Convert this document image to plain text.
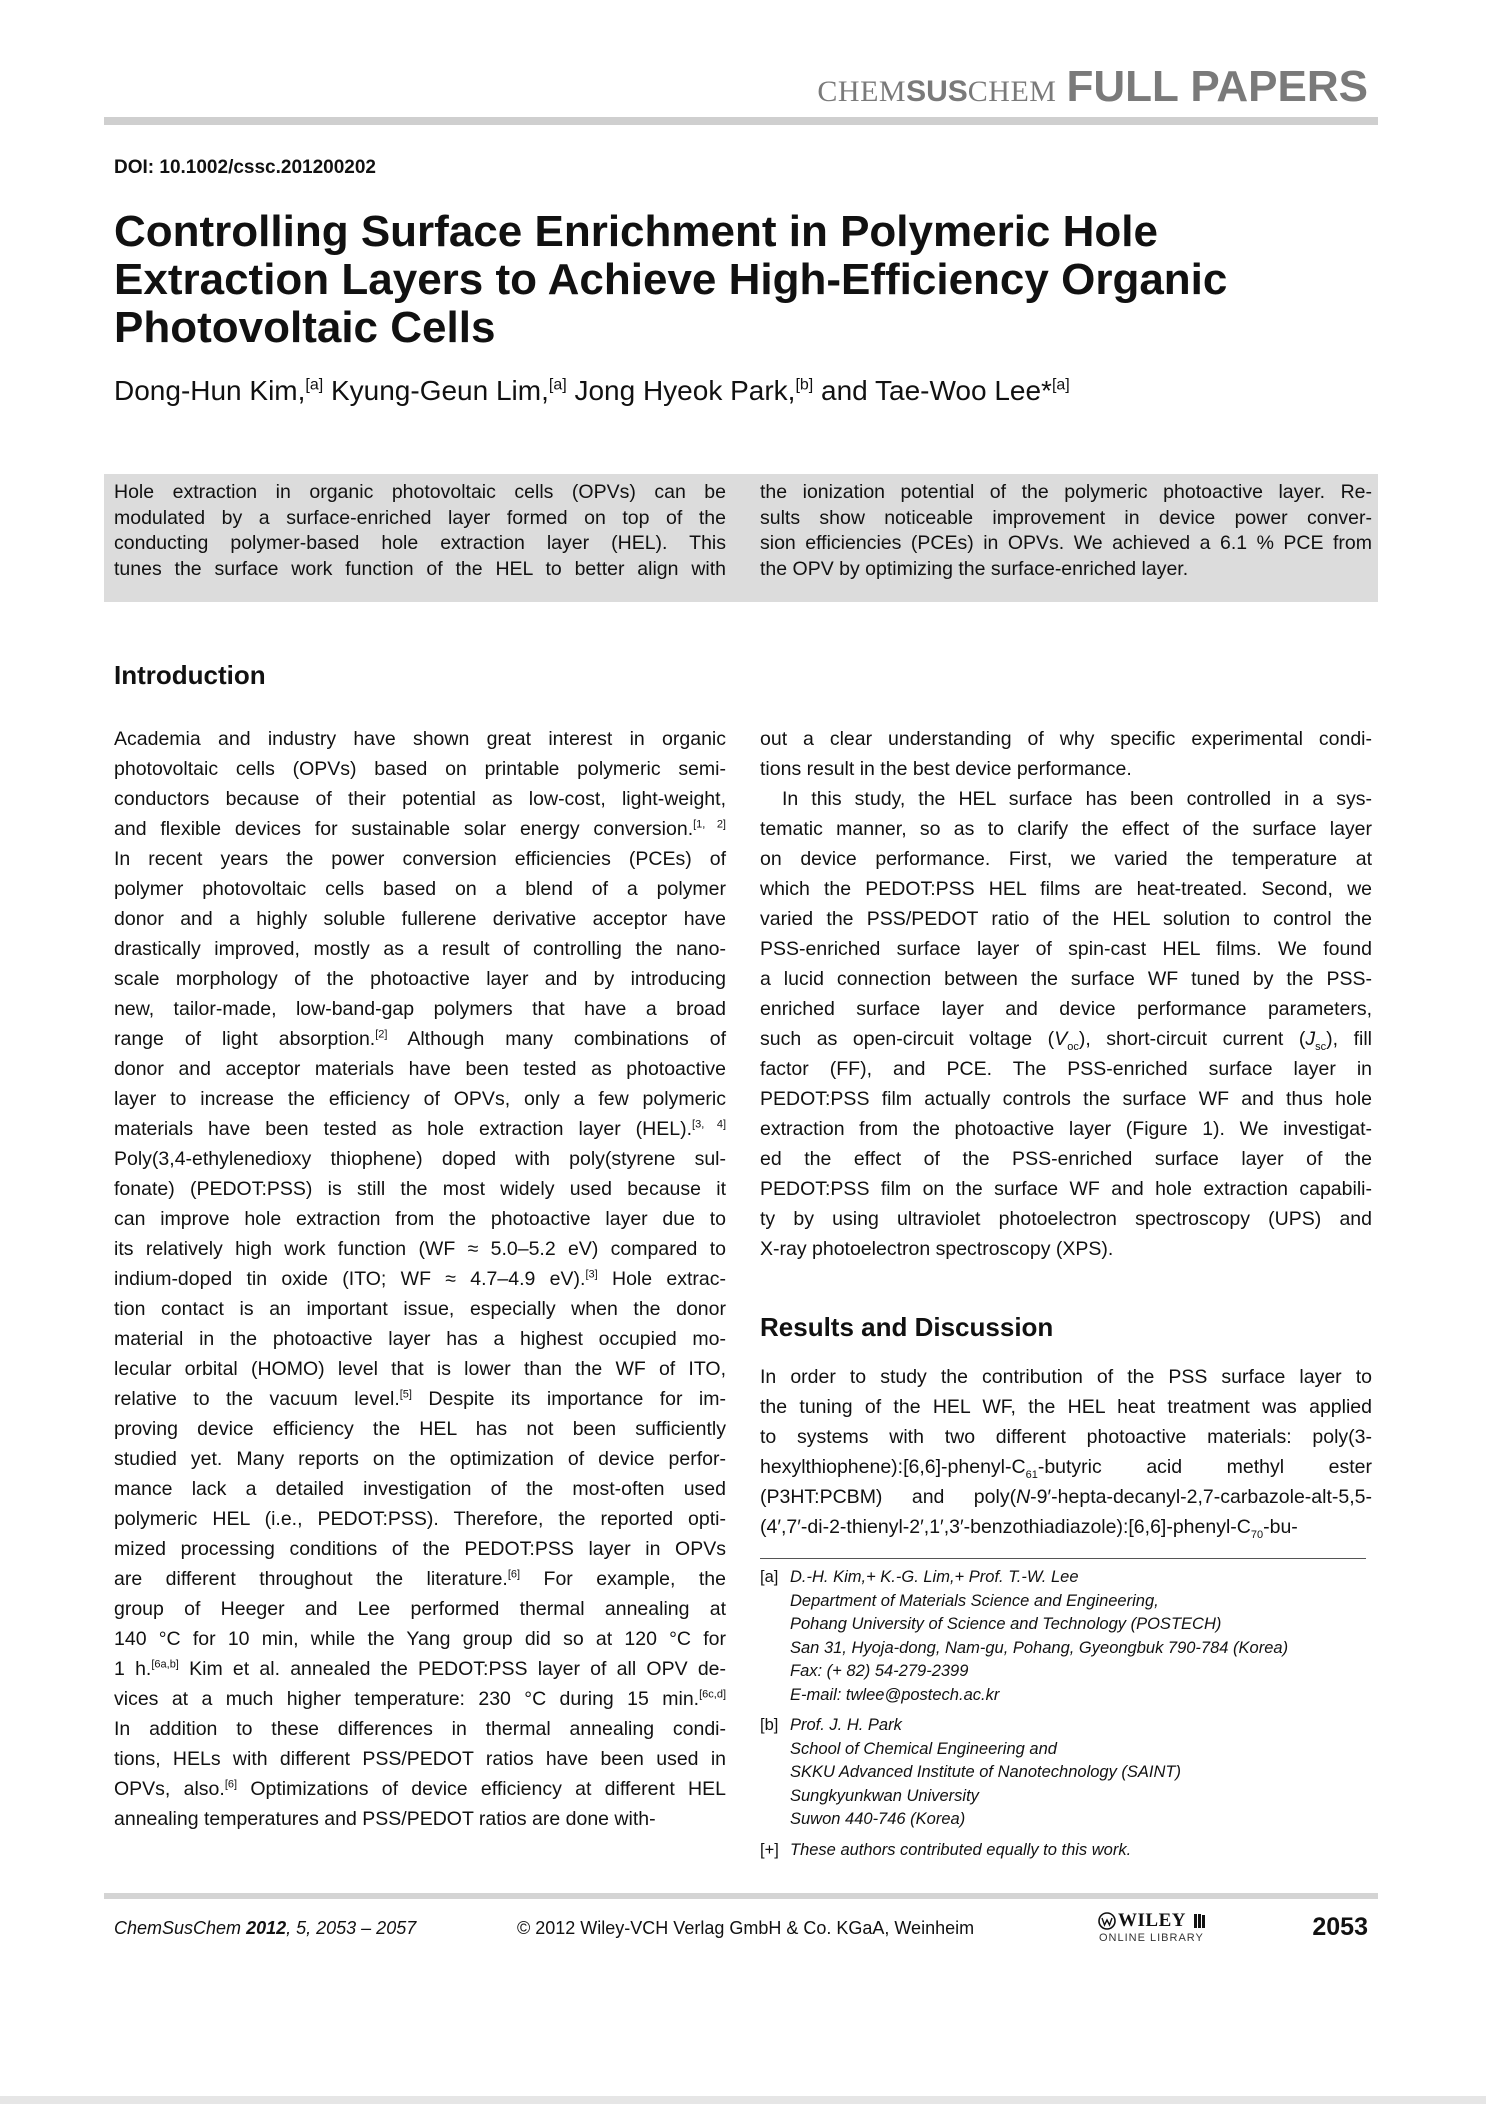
CHEMSUSCHEM FULL PAPERS
DOI: 10.1002/cssc.201200202
Controlling Surface Enrichment in Polymeric Hole Extraction Layers to Achieve High-Efficiency Organic Photovoltaic Cells
Dong-Hun Kim,[a] Kyung-Geun Lim,[a] Jong Hyeok Park,[b] and Tae-Woo Lee*[a]
Hole extraction in organic photovoltaic cells (OPVs) can be
modulated by a surface-enriched layer formed on top of the
conducting polymer-based hole extraction layer (HEL). This
tunes the surface work function of the HEL to better align with
the ionization potential of the polymeric photoactive layer. Re-
sults show noticeable improvement in device power conver-
sion efficiencies (PCEs) in OPVs. We achieved a 6.1 % PCE from
the OPV by optimizing the surface-enriched layer.
Introduction
Academia and industry have shown great interest in organic
photovoltaic cells (OPVs) based on printable polymeric semi-
conductors because of their potential as low-cost, light-weight,
and flexible devices for sustainable solar energy conversion.[1, 2]
In recent years the power conversion efficiencies (PCEs) of
polymer photovoltaic cells based on a blend of a polymer
donor and a highly soluble fullerene derivative acceptor have
drastically improved, mostly as a result of controlling the nano-
scale morphology of the photoactive layer and by introducing
new, tailor-made, low-band-gap polymers that have a broad
range of light absorption.[2] Although many combinations of
donor and acceptor materials have been tested as photoactive
layer to increase the efficiency of OPVs, only a few polymeric
materials have been tested as hole extraction layer (HEL).[3, 4]
Poly(3,4-ethylenedioxy thiophene) doped with poly(styrene sul-
fonate) (PEDOT:PSS) is still the most widely used because it
can improve hole extraction from the photoactive layer due to
its relatively high work function (WF ≈ 5.0–5.2 eV) compared to
indium-doped tin oxide (ITO; WF ≈ 4.7–4.9 eV).[3] Hole extrac-
tion contact is an important issue, especially when the donor
material in the photoactive layer has a highest occupied mo-
lecular orbital (HOMO) level that is lower than the WF of ITO,
relative to the vacuum level.[5] Despite its importance for im-
proving device efficiency the HEL has not been sufficiently
studied yet. Many reports on the optimization of device perfor-
mance lack a detailed investigation of the most-often used
polymeric HEL (i.e., PEDOT:PSS). Therefore, the reported opti-
mized processing conditions of the PEDOT:PSS layer in OPVs
are different throughout the literature.[6] For example, the
group of Heeger and Lee performed thermal annealing at
140 °C for 10 min, while the Yang group did so at 120 °C for
1 h.[6a,b] Kim et al. annealed the PEDOT:PSS layer of all OPV de-
vices at a much higher temperature: 230 °C during 15 min.[6c,d]
In addition to these differences in thermal annealing condi-
tions, HELs with different PSS/PEDOT ratios have been used in
OPVs, also.[6] Optimizations of device efficiency at different HEL
annealing temperatures and PSS/PEDOT ratios are done with-
out a clear understanding of why specific experimental condi-
tions result in the best device performance.
In this study, the HEL surface has been controlled in a sys-
tematic manner, so as to clarify the effect of the surface layer
on device performance. First, we varied the temperature at
which the PEDOT:PSS HEL films are heat-treated. Second, we
varied the PSS/PEDOT ratio of the HEL solution to control the
PSS-enriched surface layer of spin-cast HEL films. We found
a lucid connection between the surface WF tuned by the PSS-
enriched surface layer and device performance parameters,
such as open-circuit voltage $(V_{oc})$, short-circuit current $(J_{sc})$, fill
factor (FF), and PCE. The PSS-enriched surface layer in
PEDOT:PSS film actually controls the surface WF and thus hole
extraction from the photoactive layer (Figure 1). We investigat-
ed the effect of the PSS-enriched surface layer of the
PEDOT:PSS film on the surface WF and hole extraction capabili-
ty by using ultraviolet photoelectron spectroscopy (UPS) and
X-ray photoelectron spectroscopy (XPS).
Results and Discussion
In order to study the contribution of the PSS surface layer to
the tuning of the HEL WF, the HEL heat treatment was applied
to systems with two different photoactive materials: poly(3-
$hexylthiophene):[6,6]-phenyl-C_{61}$-butyric acid methyl ester
(P3HT:PCBM) and poly(N-9′-hepta-decanyl-2,7-carbazole-alt-5,5-
$(4',7'-di-2-thienyl-2',1',3'-benzothiadiazole):[6,6]-phenyl-C_{70}-bu-$
[a] D.-H. Kim,+ K.-G. Lim,+ Prof. T.-W. Lee
Department of Materials Science and Engineering,
Pohang University of Science and Technology (POSTECH)
San 31, Hyoja-dong, Nam-gu, Pohang, Gyeongbuk 790-784 (Korea)
Fax: (+ 82) 54-279-2399
E-mail: twlee@postech.ac.kr
[b] Prof. J. H. Park
School of Chemical Engineering and
SKKU Advanced Institute of Nanotechnology (SAINT)
Sungkyunkwan University
Suwon 440-746 (Korea)
[+] These authors contributed equally to this work.
ChemSusChem 2012, 5, 2053 – 2057	© 2012 Wiley-VCH Verlag GmbH & Co. KGaA, Weinheim	WILEY
ONLINE LIBRARY	2053
